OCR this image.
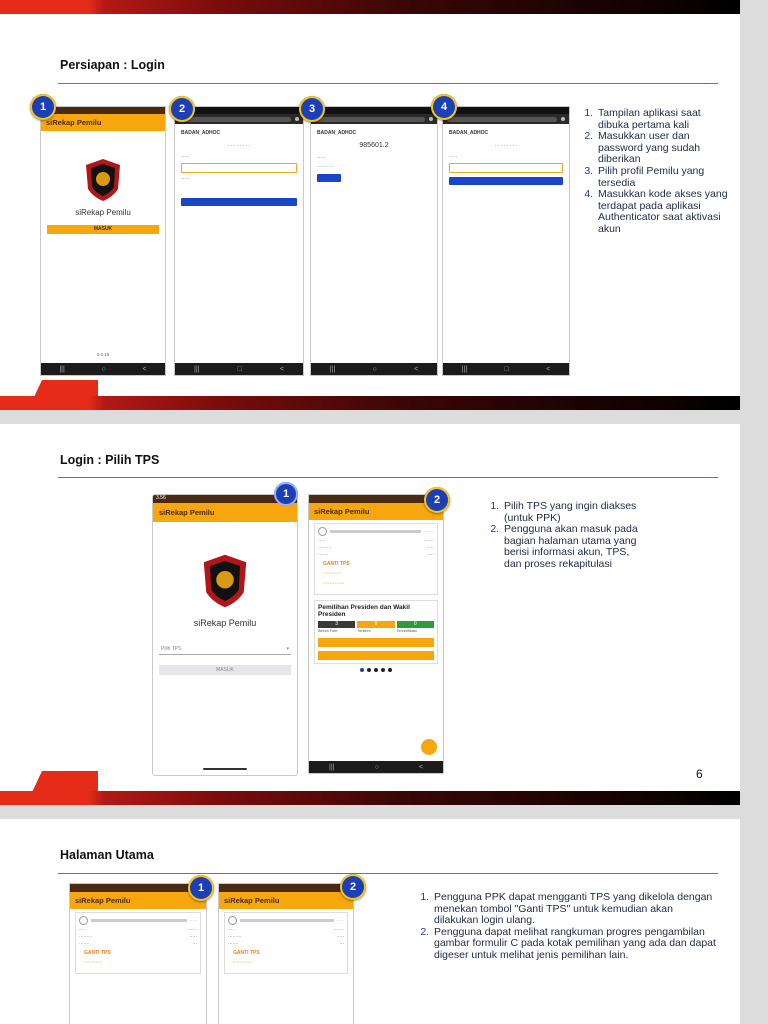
Persiapan : Login
siRekap Pemilu
siRekap Pemilu
MASUK
0.0.15
|||	○	<
1
BADAN_ADHOC
. . . . . . . .
·····
·····
|||	□	<
2
BADAN_ADHOC
985601.2
·····
··········
|||	○	<
3
BADAN_ADHOC
. . . . . . . .
·····
|||	□	<
4	1. Tampilan aplikasi saat dibuka pertama kali
2. Masukkan user dan password yang sudah diberikan
3. Pilih profil Pemilu yang tersedia
4. Masukkan kode akses yang terdapat pada aplikasi Authenticator saat aktivasi akun
Login : Pilih TPS
3.56
siRekap Pemilu
siRekap Pemilu
Pilih TPS	▾
MASUK
1
siRekap Pemilu
·······
·····	·······
·········	·····
·······	····
GANTI TPS
···········
·············
Pemilihan Presiden dan Wakil Presiden
3	0	0
Belum Foto	Terkirim	Terverifikasi
|||	○	<
2	1. Pilih TPS yang ingin diakses (untuk PPK)
2. Pengguna akan masuk pada bagian halaman utama yang berisi informasi akun, TPS, dan proses rekapitulasi
6
Halaman Utama
siRekap Pemilu
·····
····	·······
·········	·····
·······	···
GANTI TPS
···········
1
siRekap Pemilu
·····
····	·······
·········	·····
·······	···
GANTI TPS
···········
2
1. Pengguna PPK dapat mengganti TPS yang dikelola dengan menekan tombol "Ganti TPS" untuk kemudian akan dilakukan login ulang.
2. Pengguna dapat melihat rangkuman progres pengambilan gambar formulir C pada kotak pemilihan yang ada dan dapat digeser untuk melihat jenis pemilihan lain.
